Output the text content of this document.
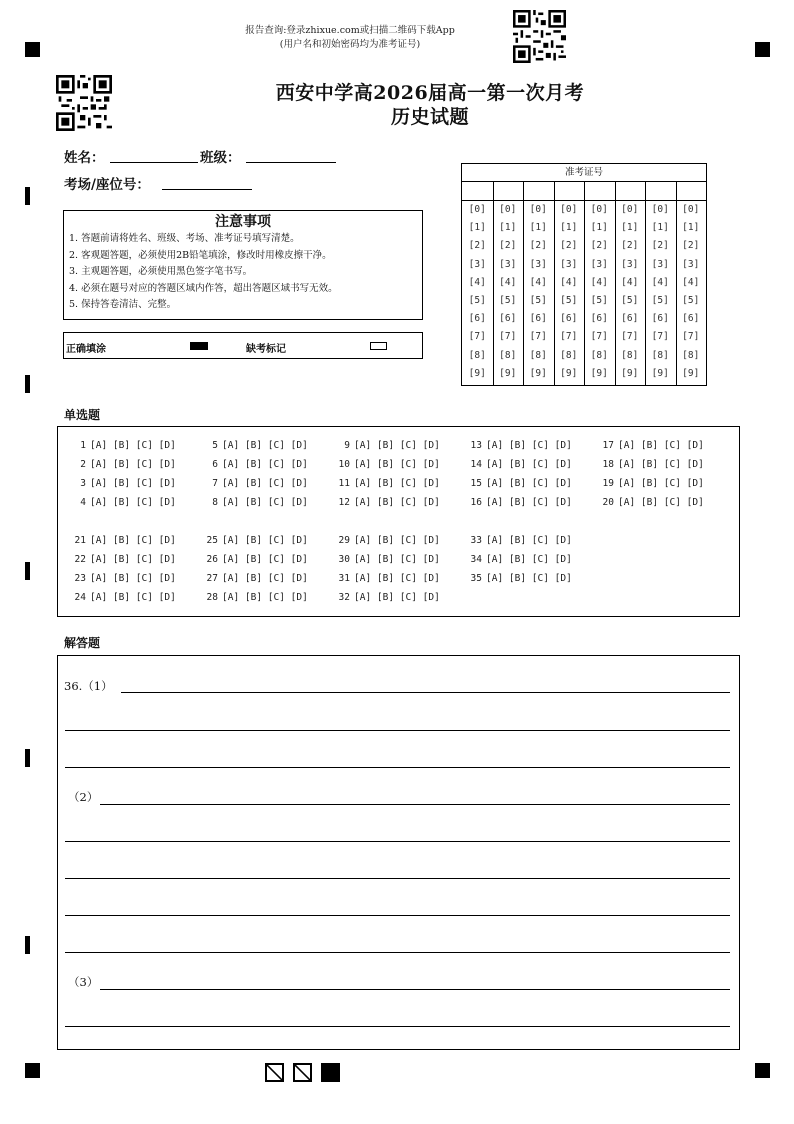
报告查询:登录zhixue.com或扫描二维码下载App
(用户名和初始密码均为准考证号)
西安中学高2026届高一第一次月考
历史试题
姓名：	班级：
考场/座位号：
注意事项
1. 答题前请将姓名、班级、考场、准考证号填写清楚。
2. 客观题答题，必须使用2B铅笔填涂，修改时用橡皮擦干净。
3. 主观题答题，必须使用黑色签字笔书写。
4. 必须在题号对应的答题区域内作答，超出答题区域书写无效。
5. 保持答卷清洁、完整。
正确填涂	缺考标记
准考证号
[0]
[1]
[2]
[3]
[4]
[5]
[6]
[7]
[8]
[9]
[0]
[1]
[2]
[3]
[4]
[5]
[6]
[7]
[8]
[9]
[0]
[1]
[2]
[3]
[4]
[5]
[6]
[7]
[8]
[9]
[0]
[1]
[2]
[3]
[4]
[5]
[6]
[7]
[8]
[9]
[0]
[1]
[2]
[3]
[4]
[5]
[6]
[7]
[8]
[9]
[0]
[1]
[2]
[3]
[4]
[5]
[6]
[7]
[8]
[9]
[0]
[1]
[2]
[3]
[4]
[5]
[6]
[7]
[8]
[9]
[0]
[1]
[2]
[3]
[4]
[5]
[6]
[7]
[8]
[9]
单选题
1 [A] [B] [C] [D]
2 [A] [B] [C] [D]
3 [A] [B] [C] [D]
4 [A] [B] [C] [D]
5 [A] [B] [C] [D]
6 [A] [B] [C] [D]
7 [A] [B] [C] [D]
8 [A] [B] [C] [D]
9 [A] [B] [C] [D]
10 [A] [B] [C] [D]
11 [A] [B] [C] [D]
12 [A] [B] [C] [D]
13 [A] [B] [C] [D]
14 [A] [B] [C] [D]
15 [A] [B] [C] [D]
16 [A] [B] [C] [D]
17 [A] [B] [C] [D]
18 [A] [B] [C] [D]
19 [A] [B] [C] [D]
20 [A] [B] [C] [D]
21 [A] [B] [C] [D]
22 [A] [B] [C] [D]
23 [A] [B] [C] [D]
24 [A] [B] [C] [D]
25 [A] [B] [C] [D]
26 [A] [B] [C] [D]
27 [A] [B] [C] [D]
28 [A] [B] [C] [D]
29 [A] [B] [C] [D]
30 [A] [B] [C] [D]
31 [A] [B] [C] [D]
32 [A] [B] [C] [D]
33 [A] [B] [C] [D]
34 [A] [B] [C] [D]
35 [A] [B] [C] [D]
解答题
36.（1）
（2）
（3）
